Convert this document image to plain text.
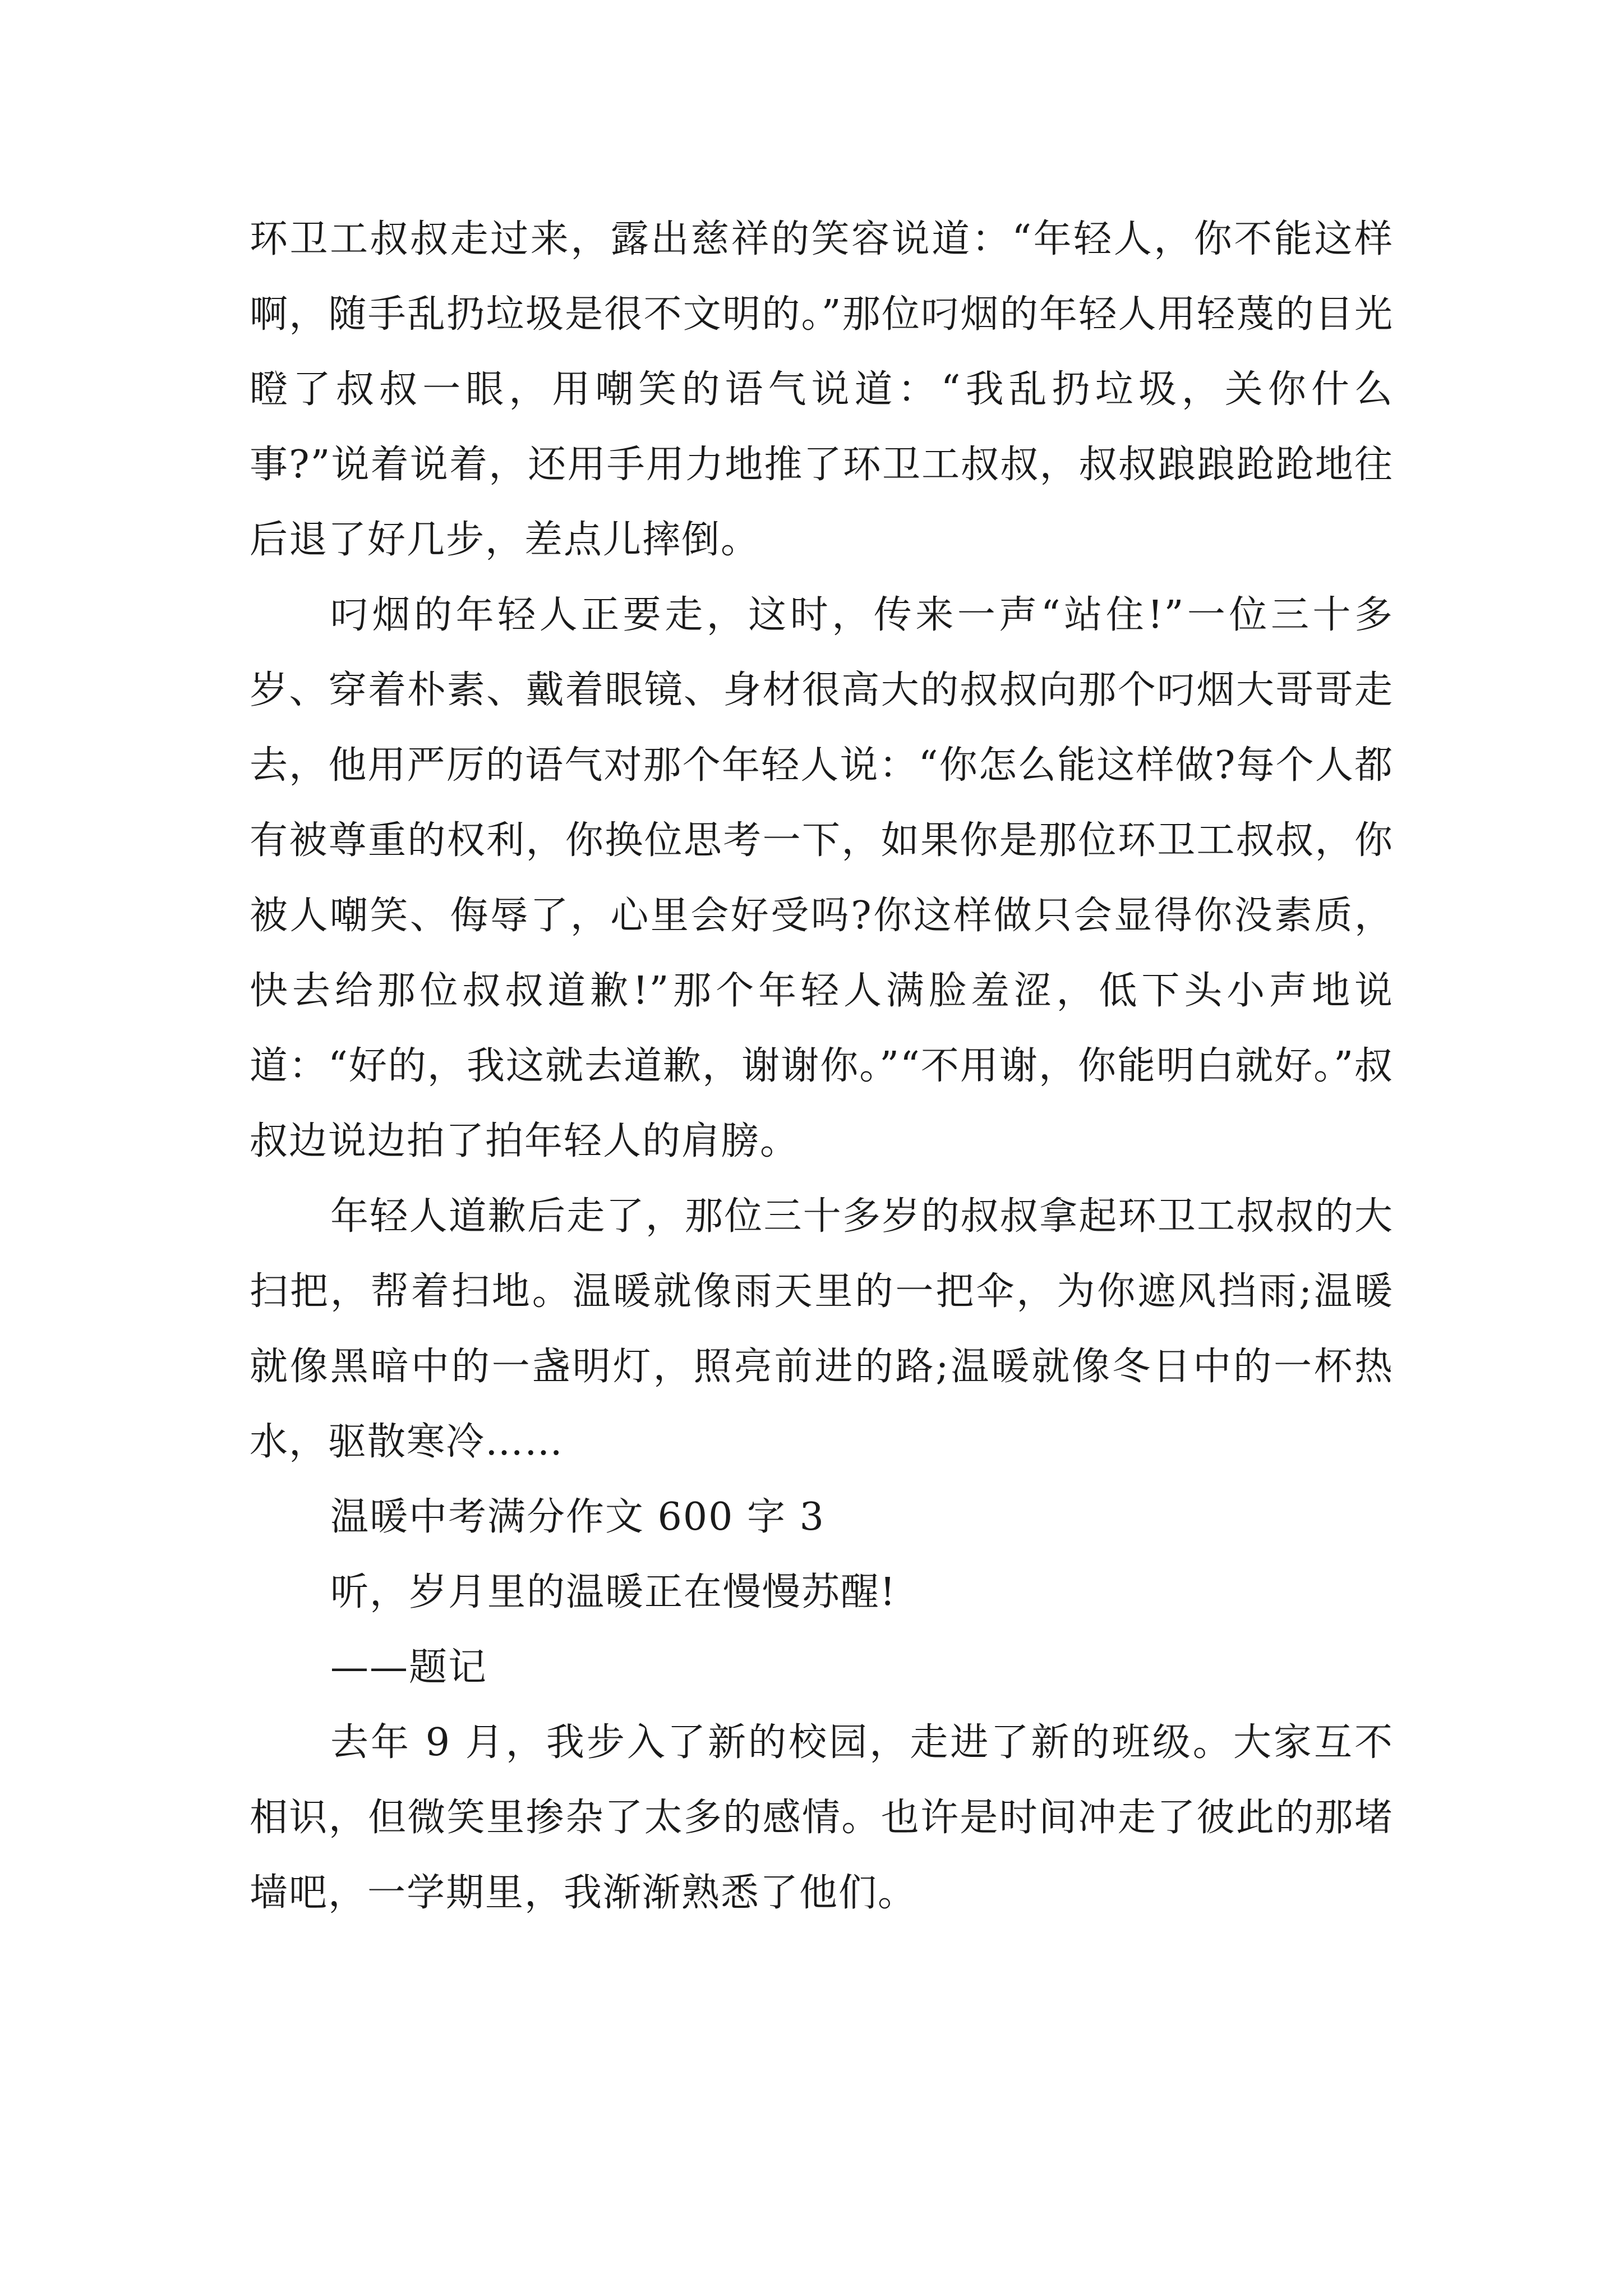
环卫工叔叔走过来，露出慈祥的笑容说道：“年轻人，你不能这样啊，随手乱扔垃圾是很不文明的。”那位叼烟的年轻人用轻蔑的目光瞪了叔叔一眼，用嘲笑的语气说道：“我乱扔垃圾，关你什么事?”说着说着，还用手用力地推了环卫工叔叔，叔叔踉踉跄跄地往后退了好几步，差点儿摔倒。

叼烟的年轻人正要走，这时，传来一声“站住!”一位三十多岁、穿着朴素、戴着眼镜、身材很高大的叔叔向那个叼烟大哥哥走去，他用严厉的语气对那个年轻人说：“你怎么能这样做?每个人都有被尊重的权利，你换位思考一下，如果你是那位环卫工叔叔，你被人嘲笑、侮辱了，心里会好受吗?你这样做只会显得你没素质，快去给那位叔叔道歉!”那个年轻人满脸羞涩，低下头小声地说道：“好的，我这就去道歉，谢谢你。”“不用谢，你能明白就好。”叔叔边说边拍了拍年轻人的肩膀。

年轻人道歉后走了，那位三十多岁的叔叔拿起环卫工叔叔的大扫把，帮着扫地。温暖就像雨天里的一把伞，为你遮风挡雨;温暖就像黑暗中的一盏明灯，照亮前进的路;温暖就像冬日中的一杯热水，驱散寒冷……

温暖中考满分作文 600 字 3

听，岁月里的温暖正在慢慢苏醒!

——题记

去年 9 月，我步入了新的校园，走进了新的班级。大家互不相识，但微笑里掺杂了太多的感情。也许是时间冲走了彼此的那堵墙吧，一学期里，我渐渐熟悉了他们。
